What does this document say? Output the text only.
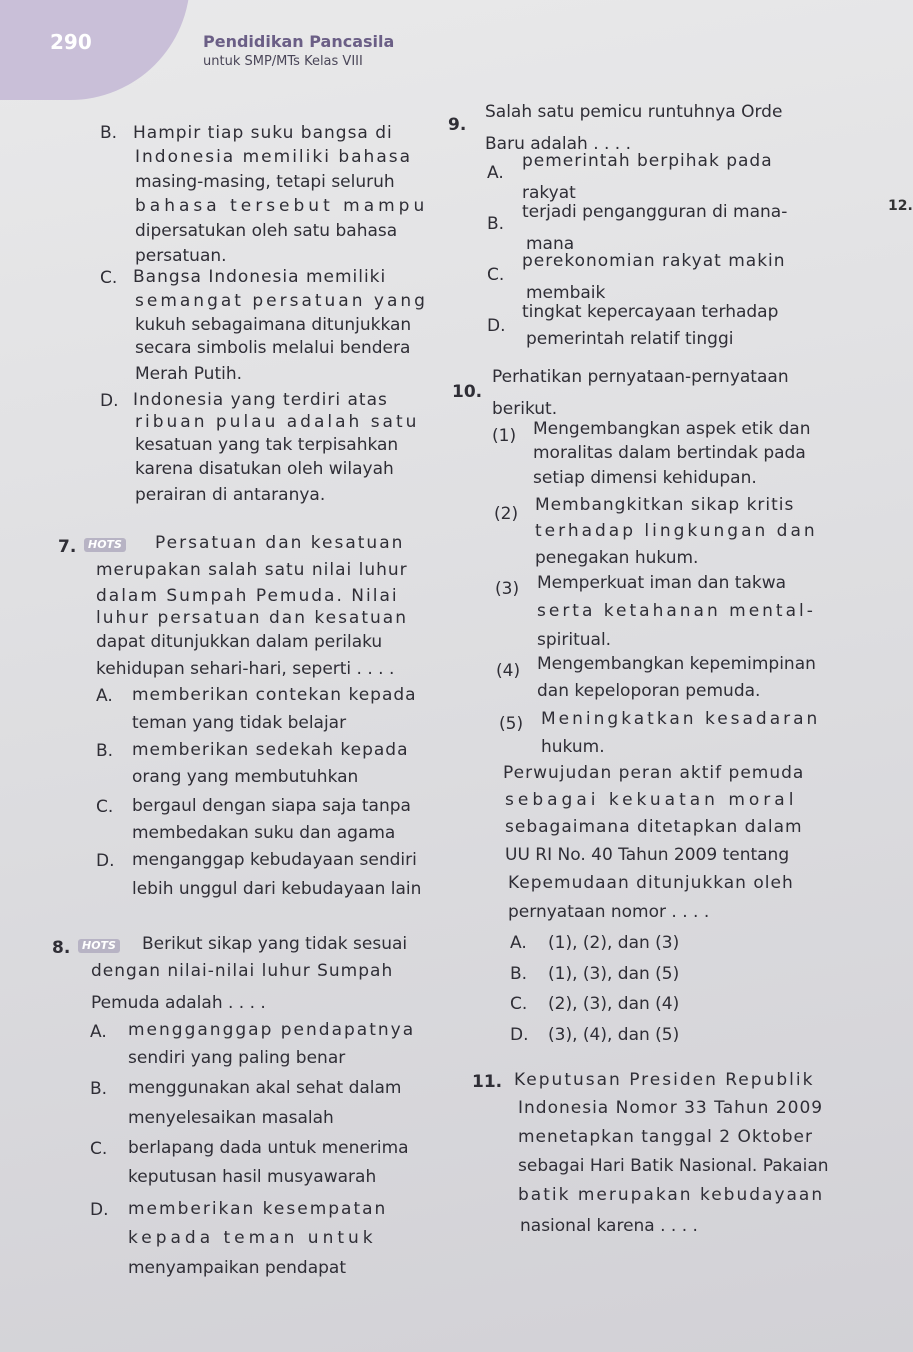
290	Pendidikan Pancasila
untuk SMP/MTs Kelas VIII
12.
B. Hampir tiap suku bangsa di
Indonesia memiliki bahasa
masing-masing, tetapi seluruh
bahasa tersebut mampu
dipersatukan oleh satu bahasa
persatuan.
C. Bangsa Indonesia memiliki
semangat persatuan yang
kukuh sebagaimana ditunjukkan
secara simbolis melalui bendera
Merah Putih.
D. Indonesia yang terdiri atas
ribuan pulau adalah satu
kesatuan yang tak terpisahkan
karena disatukan oleh wilayah
perairan di antaranya.
7.	HOTS	Persatuan dan kesatuan
merupakan salah satu nilai luhur
dalam Sumpah Pemuda. Nilai
luhur persatuan dan kesatuan
dapat ditunjukkan dalam perilaku
kehidupan sehari-hari, seperti . . . .
A. memberikan contekan kepada
teman yang tidak belajar
B. memberikan sedekah kepada
orang yang membutuhkan
C. bergaul dengan siapa saja tanpa
membedakan suku dan agama
D. menganggap kebudayaan sendiri
lebih unggul dari kebudayaan lain
8.	HOTS	Berikut sikap yang tidak sesuai
dengan nilai-nilai luhur Sumpah
Pemuda adalah . . . .
A. mengganggap pendapatnya
sendiri yang paling benar
B. menggunakan akal sehat dalam
menyelesaikan masalah
C. berlapang dada untuk menerima
keputusan hasil musyawarah
D. memberikan kesempatan
kepada teman untuk
menyampaikan pendapat
9.
Salah satu pemicu runtuhnya Orde
Baru adalah . . . .
A.
pemerintah berpihak pada
rakyat
B.
terjadi pengangguran di mana-
mana
C.
perekonomian rakyat makin
membaik
D.
tingkat kepercayaan terhadap
pemerintah relatif tinggi
10.
Perhatikan pernyataan-pernyataan
berikut.
(1) Mengembangkan aspek etik dan
moralitas dalam bertindak pada
setiap dimensi kehidupan.
(2) Membangkitkan sikap kritis
terhadap lingkungan dan
penegakan hukum.
(3) Memperkuat iman dan takwa
serta ketahanan mental-
spiritual.
(4) Mengembangkan kepemimpinan
dan kepeloporan pemuda.
(5) Meningkatkan kesadaran
hukum.
Perwujudan peran aktif pemuda
sebagai kekuatan moral
sebagaimana ditetapkan dalam
UU RI No. 40 Tahun 2009 tentang
Kepemudaan ditunjukkan oleh
pernyataan nomor . . . .
A. (1), (2), dan (3)
B. (1), (3), dan (5)
C. (2), (3), dan (4)
D. (3), (4), dan (5)
11. Keputusan Presiden Republik
Indonesia Nomor 33 Tahun 2009
menetapkan tanggal 2 Oktober
sebagai Hari Batik Nasional. Pakaian
batik merupakan kebudayaan
nasional karena . . . .
